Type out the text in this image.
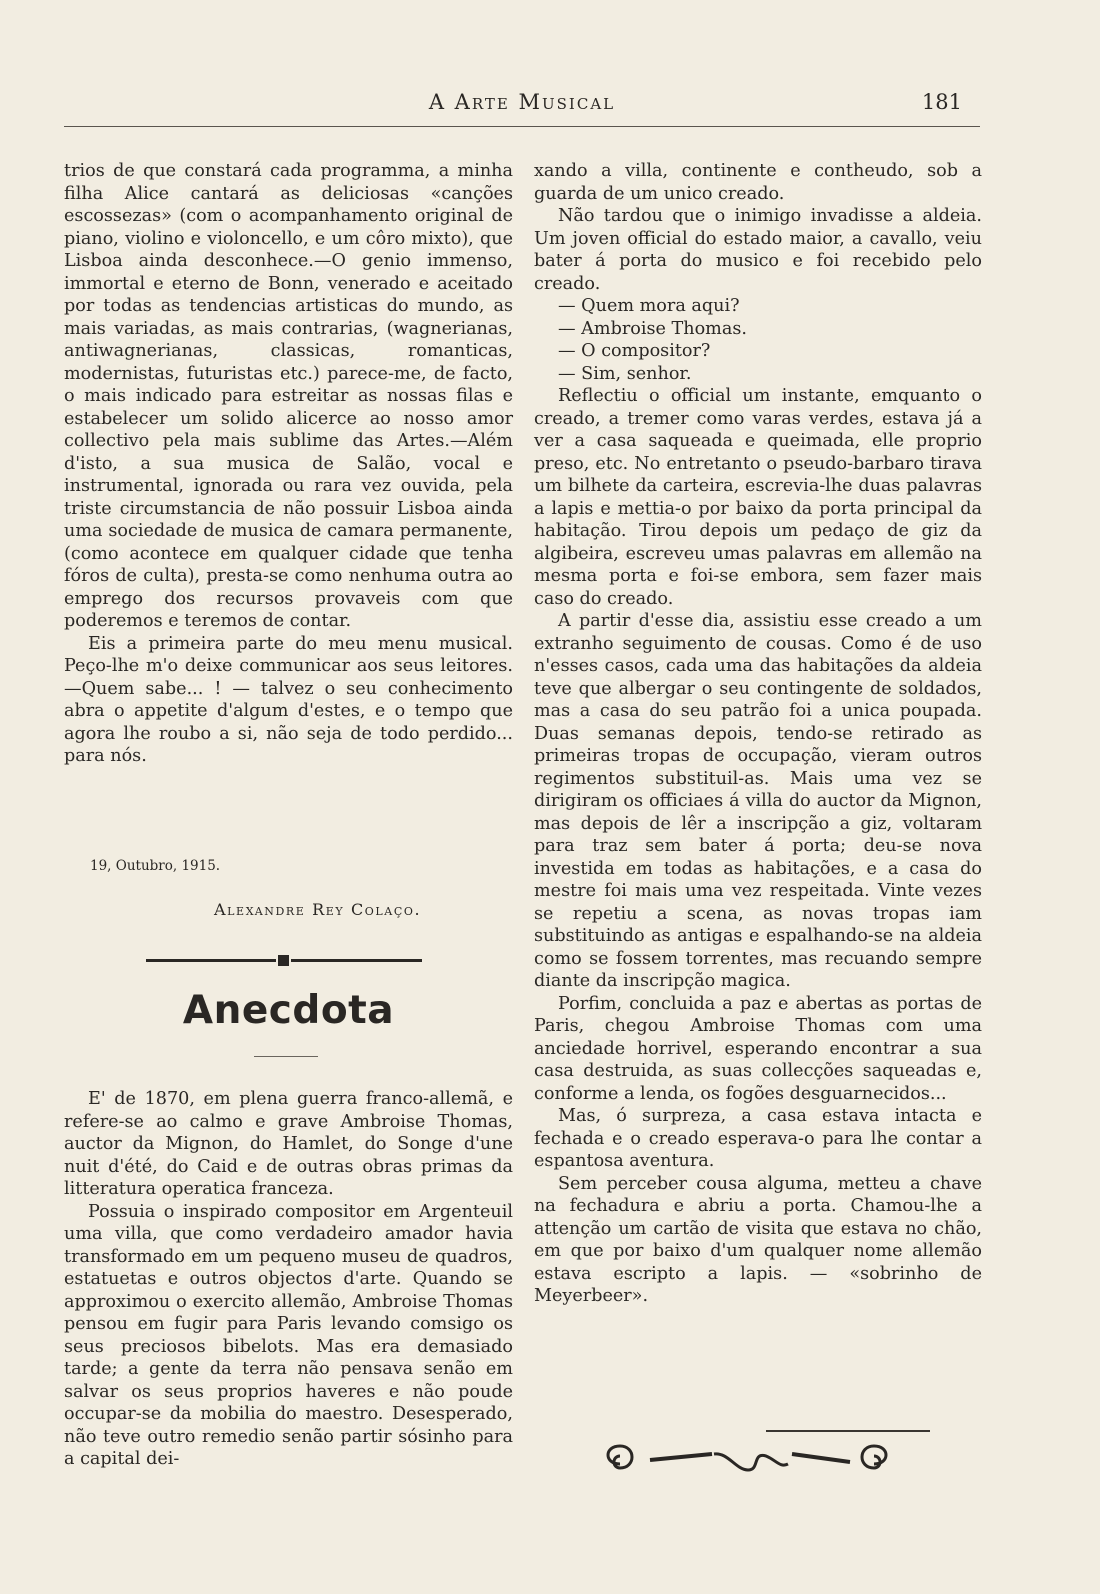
A Arte Musical	181

trios de que constará cada programma, a minha filha Alice cantará as deliciosas «canções escossezas» (com o acompanhamento original de piano, violino e violoncello, e um côro mixto), que Lisboa ainda desconhece.—O genio immenso, immortal e eterno de Bonn, venerado e aceitado por todas as tendencias artisticas do mundo, as mais variadas, as mais contrarias, (wagnerianas, antiwagnerianas, classicas, romanticas, modernistas, futuristas etc.) parece-me, de facto, o mais indicado para estreitar as nossas filas e estabelecer um solido alicerce ao nosso amor collectivo pela mais sublime das Artes.—Além d'isto, a sua musica de Salão, vocal e instrumental, ignorada ou rara vez ouvida, pela triste circumstancia de não possuir Lisboa ainda uma sociedade de musica de camara permanente, (como acontece em qualquer cidade que tenha fóros de culta), presta-se como nenhuma outra ao emprego dos recursos provaveis com que poderemos e teremos de contar.

Eis a primeira parte do meu menu musical. Peço-lhe m'o deixe communicar aos seus leitores.—Quem sabe... ! — talvez o seu conhecimento abra o appetite d'algum d'estes, e o tempo que agora lhe roubo a si, não seja de todo perdido... para nós.

19, Outubro, 1915.
Alexandre Rey Colaço.
Anecdota

E' de 1870, em plena guerra franco-allemã, e refere-se ao calmo e grave Ambroise Thomas, auctor da Mignon, do Hamlet, do Songe d'une nuit d'été, do Caid e de outras obras primas da litteratura operatica franceza.

Possuia o inspirado compositor em Argenteuil uma villa, que como verdadeiro amador havia transformado em um pequeno museu de quadros, estatuetas e outros objectos d'arte. Quando se approximou o exercito allemão, Ambroise Thomas pensou em fugir para Paris levando comsigo os seus preciosos bibelots. Mas era demasiado tarde; a gente da terra não pensava senão em salvar os seus proprios haveres e não poude occupar-se da mobilia do maestro. Desesperado, não teve outro remedio senão partir sósinho para a capital dei-

xando a villa, continente e contheudo, sob a guarda de um unico creado.

Não tardou que o inimigo invadisse a aldeia. Um joven official do estado maior, a cavallo, veiu bater á porta do musico e foi recebido pelo creado.

— Quem mora aqui?

— Ambroise Thomas.

— O compositor?

— Sim, senhor.

Reflectiu o official um instante, emquanto o creado, a tremer como varas verdes, estava já a ver a casa saqueada e queimada, elle proprio preso, etc. No entretanto o pseudo-barbaro tirava um bilhete da carteira, escrevia-lhe duas palavras a lapis e mettia-o por baixo da porta principal da habitação. Tirou depois um pedaço de giz da algibeira, escreveu umas palavras em allemão na mesma porta e foi-se embora, sem fazer mais caso do creado.

A partir d'esse dia, assistiu esse creado a um extranho seguimento de cousas. Como é de uso n'esses casos, cada uma das habitações da aldeia teve que albergar o seu contingente de soldados, mas a casa do seu patrão foi a unica poupada. Duas semanas depois, tendo-se retirado as primeiras tropas de occupação, vieram outros regimentos substituil-as. Mais uma vez se dirigiram os officiaes á villa do auctor da Mignon, mas depois de lêr a inscripção a giz, voltaram para traz sem bater á porta; deu-se nova investida em todas as habitações, e a casa do mestre foi mais uma vez respeitada. Vinte vezes se repetiu a scena, as novas tropas iam substituindo as antigas e espalhando-se na aldeia como se fossem torrentes, mas recuando sempre diante da inscripção magica.

Porfim, concluida a paz e abertas as portas de Paris, chegou Ambroise Thomas com uma anciedade horrivel, esperando encontrar a sua casa destruida, as suas collecções saqueadas e, conforme a lenda, os fogões desguarnecidos...

Mas, ó surpreza, a casa estava intacta e fechada e o creado esperava-o para lhe contar a espantosa aventura.

Sem perceber cousa alguma, metteu a chave na fechadura e abriu a porta. Chamou-lhe a attenção um cartão de visita que estava no chão, em que por baixo d'um qualquer nome allemão estava escripto a lapis. — «sobrinho de Meyerbeer».
